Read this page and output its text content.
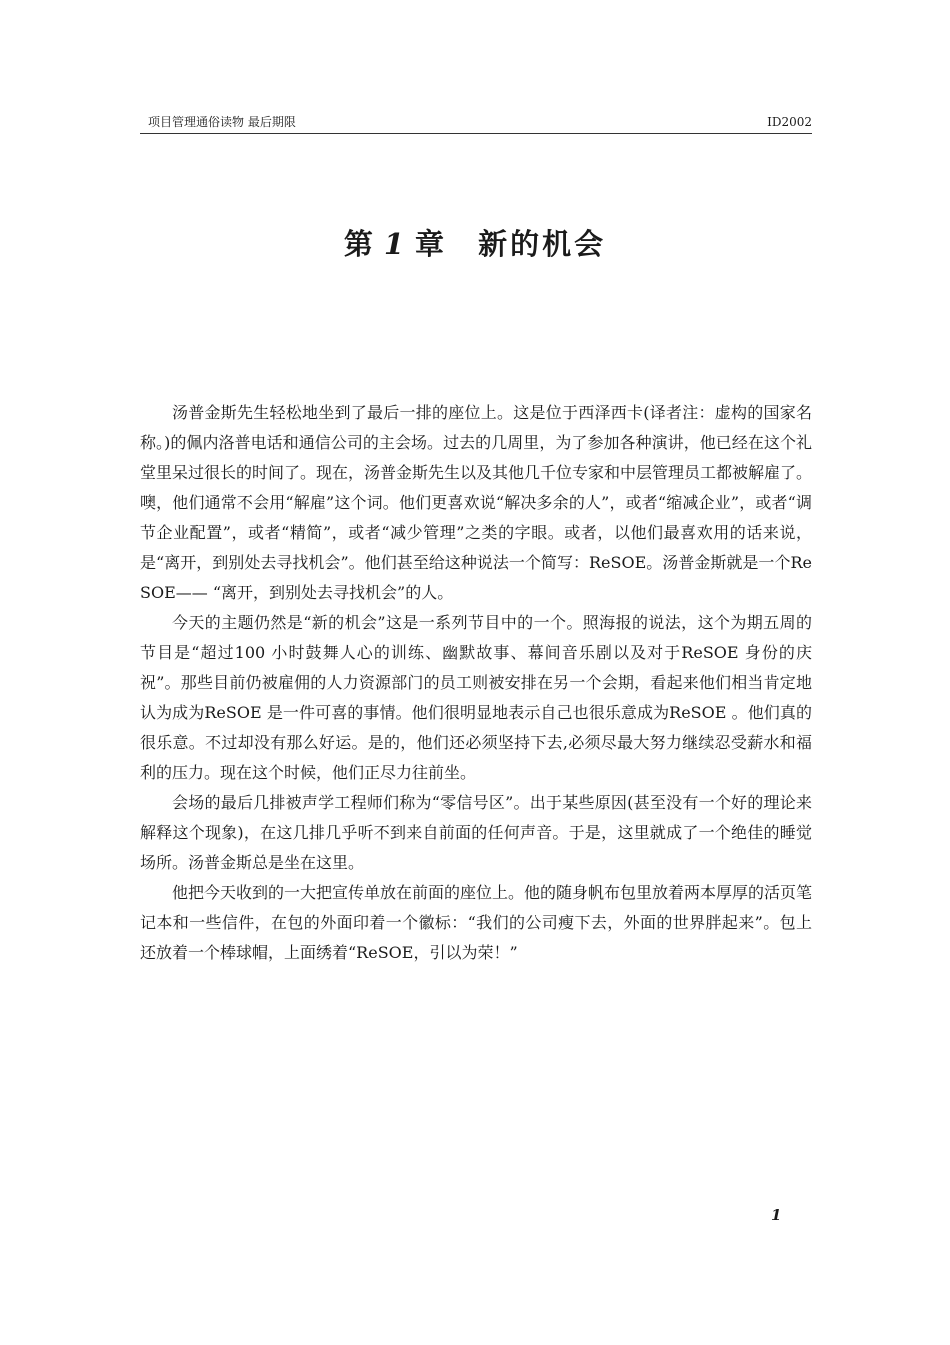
项目管理通俗读物 最后期限	ID2002
第 1 章 新的机会

汤普金斯先生轻松地坐到了最后一排的座位上。这是位于西泽西卡(译者注：虚构的国家名称。)的佩内洛普电话和通信公司的主会场。过去的几周里，为了参加各种演讲，他已经在这个礼堂里呆过很长的时间了。现在，汤普金斯先生以及其他几千位专家和中层管理员工都被解雇了。噢，他们通常不会用“解雇”这个词。他们更喜欢说“解决多余的人”，或者“缩减企业”，或者“调节企业配置”，或者“精简”，或者“减少管理”之类的字眼。或者，以他们最喜欢用的话来说，是“离开，到别处去寻找机会”。他们甚至给这种说法一个简写：ReSOE。汤普金斯就是一个ReSOE—— “离开，到别处去寻找机会”的人。

今天的主题仍然是“新的机会”这是一系列节目中的一个。照海报的说法，这个为期五周的节目是“超过100 小时鼓舞人心的训练、幽默故事、幕间音乐剧以及对于ReSOE 身份的庆祝”。那些目前仍被雇佣的人力资源部门的员工则被安排在另一个会期，看起来他们相当肯定地认为成为ReSOE 是一件可喜的事情。他们很明显地表示自己也很乐意成为ReSOE 。他们真的很乐意。不过却没有那么好运。是的，他们还必须坚持下去,必须尽最大努力继续忍受薪水和福利的压力。现在这个时候，他们正尽力往前坐。

会场的最后几排被声学工程师们称为“零信号区”。出于某些原因(甚至没有一个好的理论来解释这个现象)，在这几排几乎听不到来自前面的任何声音。于是，这里就成了一个绝佳的睡觉场所。汤普金斯总是坐在这里。

他把今天收到的一大把宣传单放在前面的座位上。他的随身帆布包里放着两本厚厚的活页笔记本和一些信件，在包的外面印着一个徽标：“我们的公司瘦下去，外面的世界胖起来”。包上还放着一个棒球帽，上面绣着“ReSOE，引以为荣！”

1
